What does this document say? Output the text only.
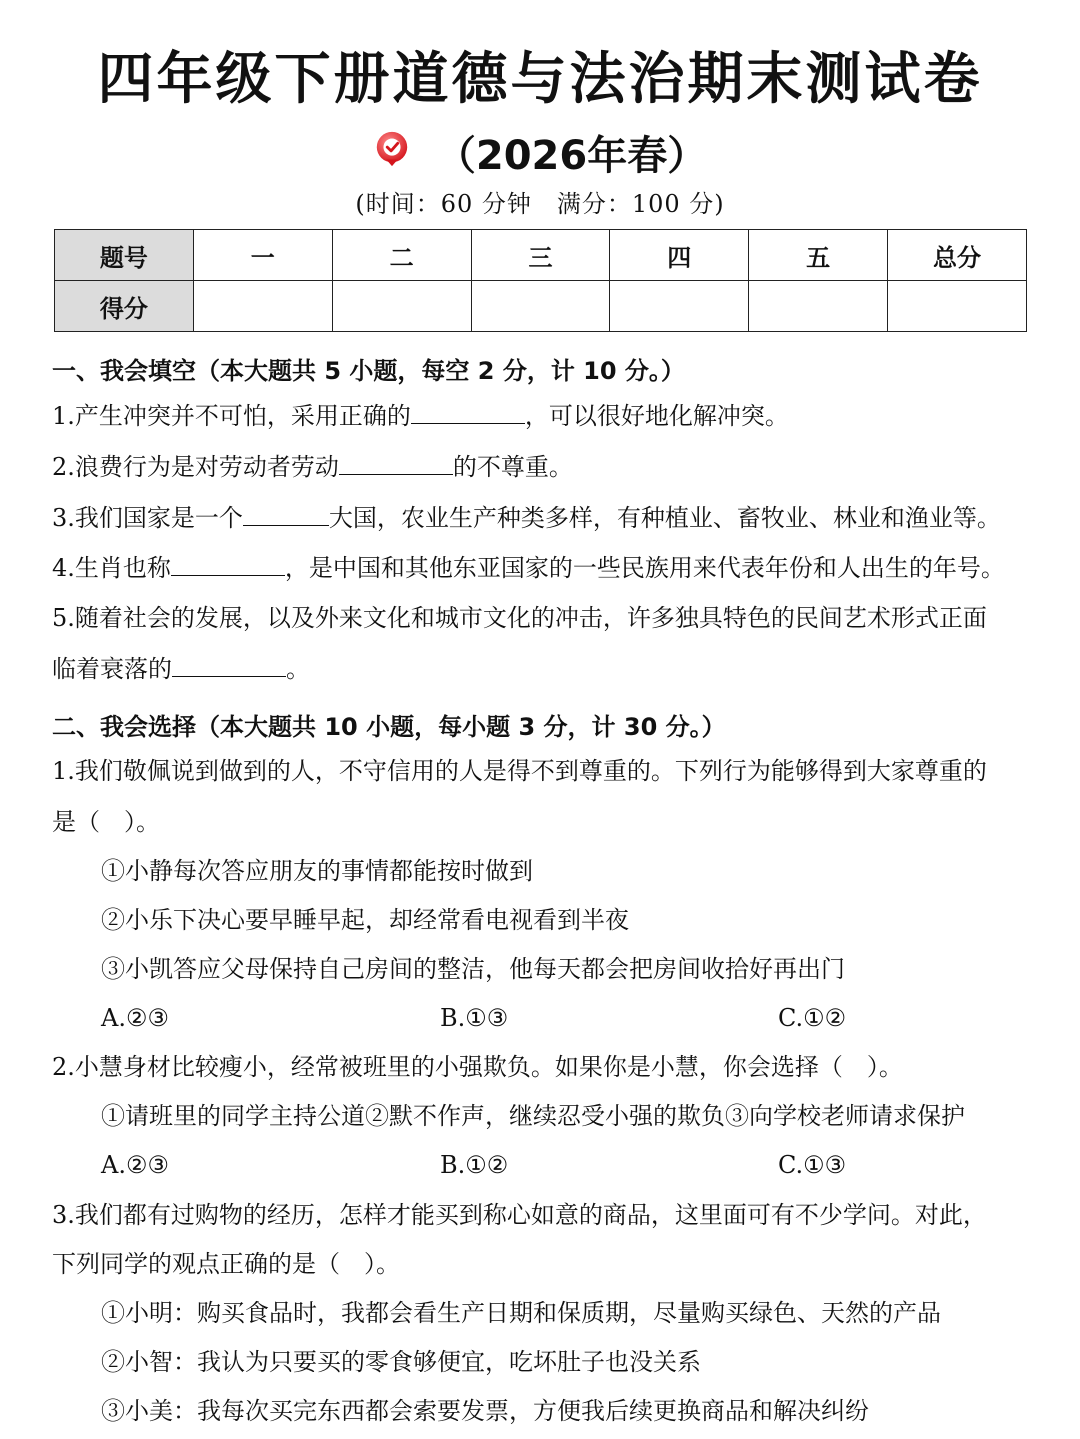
四年级下册道德与法治期末测试卷
（2026年春）
(时间：60 分钟　满分：100 分)
题号	一	二	三	四	五	总分
得分						
一、我会填空（本大题共 5 小题，每空 2 分，计 10 分。）
1.产生冲突并不可怕，采用正确的	，可以很好地化解冲突。
2.浪费行为是对劳动者劳动	的不尊重。
3.我们国家是一个	大国，农业生产种类多样，有种植业、畜牧业、林业和渔业等。
4.生肖也称	，是中国和其他东亚国家的一些民族用来代表年份和人出生的年号。
5.随着社会的发展，以及外来文化和城市文化的冲击，许多独具特色的民间艺术形式正面
临着衰落的	。
二、我会选择（本大题共 10 小题，每小题 3 分，计 30 分。）
1.我们敬佩说到做到的人，不守信用的人是得不到尊重的。下列行为能够得到大家尊重的
是（　）。
①小静每次答应朋友的事情都能按时做到
②小乐下决心要早睡早起，却经常看电视看到半夜
③小凯答应父母保持自己房间的整洁，他每天都会把房间收拾好再出门
A.②③	B.①③	C.①②
2.小慧身材比较瘦小，经常被班里的小强欺负。如果你是小慧，你会选择（　）。
①请班里的同学主持公道②默不作声，继续忍受小强的欺负③向学校老师请求保护
A.②③	B.①②	C.①③
3.我们都有过购物的经历，怎样才能买到称心如意的商品，这里面可有不少学问。对此，
下列同学的观点正确的是（　）。
①小明：购买食品时，我都会看生产日期和保质期，尽量购买绿色、天然的产品
②小智：我认为只要买的零食够便宜，吃坏肚子也没关系
③小美：我每次买完东西都会索要发票，方便我后续更换商品和解决纠纷
